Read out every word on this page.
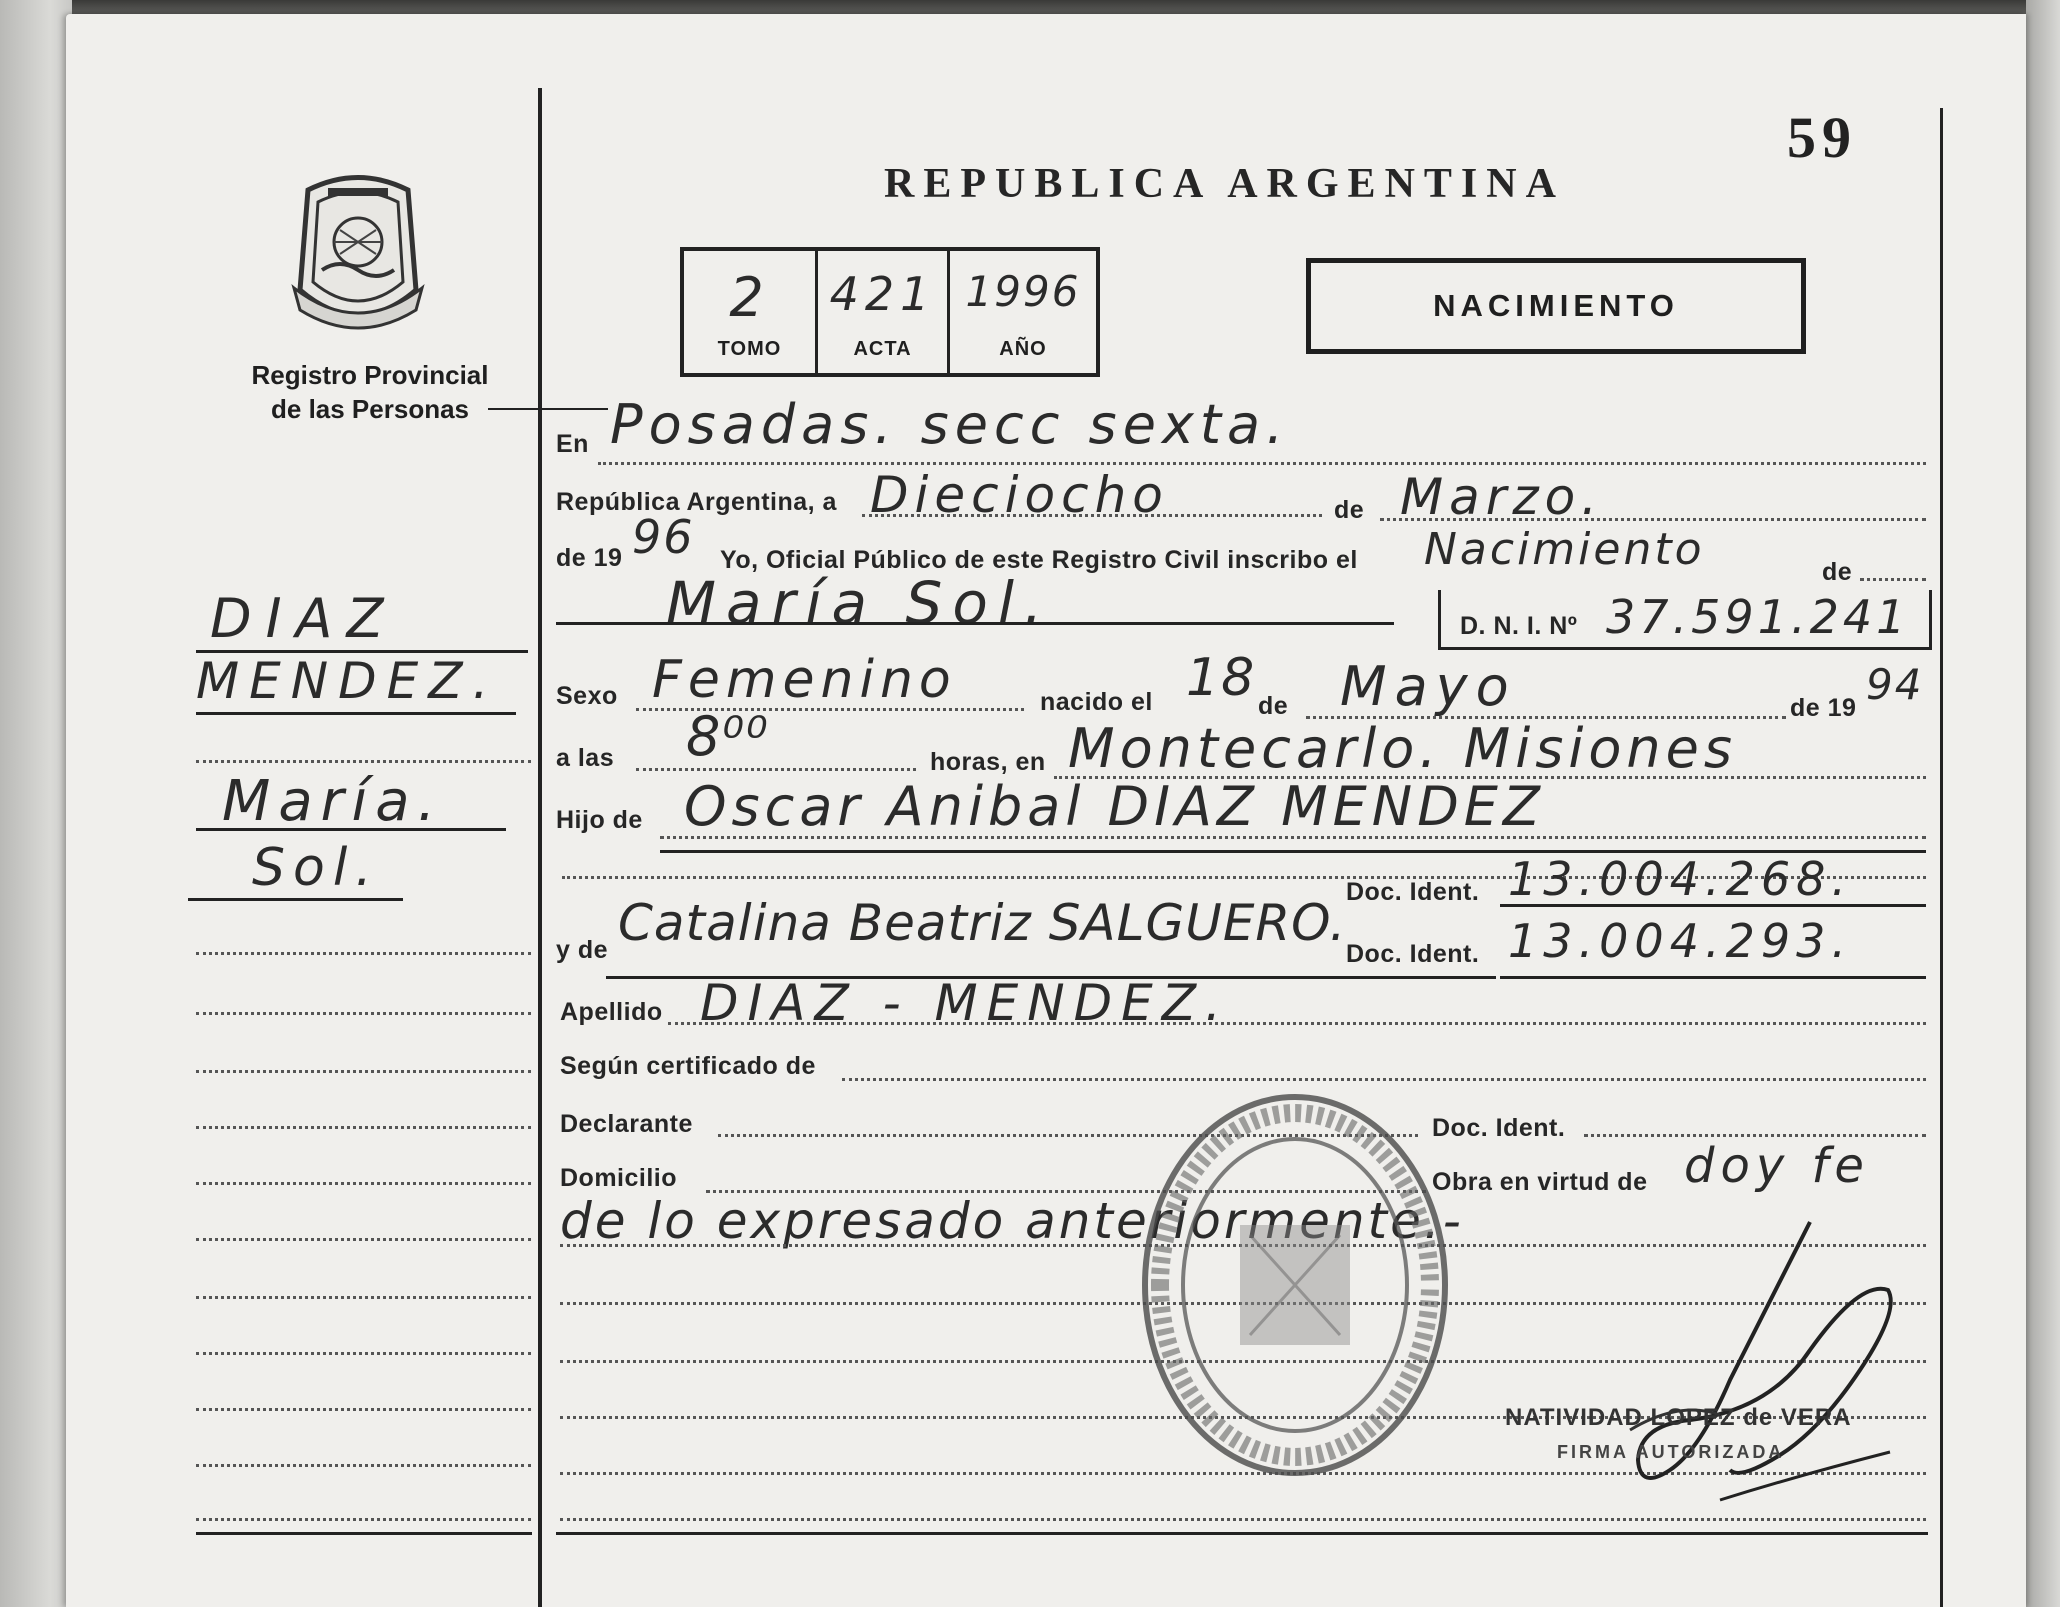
59
REPUBLICA ARGENTINA
2
TOMO
421
ACTA
1996
AÑO
NACIMIENTO
Registro Provincial
de las Personas
DIAZ
MENDEZ.
María.
Sol.
En Posadas. secc sexta.
República Argentina, a Dieciocho	de Marzo.
de 19 96 Yo, Oficial Público de este Registro Civil inscribo el Nacimiento	de
María Sol.	D. N. I. Nº 37.591.241
Sexo Femenino	nacido el 18 de Mayo	de 19 94
a las 8⁰⁰	horas, en Montecarlo. Misiones
Hijo de Oscar Anibal DIAZ MENDEZ
Doc. Ident. 13.004.268.
y de Catalina Beatriz SALGUERO.
Doc. Ident. 13.004.293.
Apellido DIAZ - MENDEZ.
Según certificado de
Declarante	Doc. Ident.
Domicilio	Obra en virtud de doy fe
de lo expresado anteriormente.-
NATIVIDAD LOPEZ de VERA
FIRMA AUTORIZADA
